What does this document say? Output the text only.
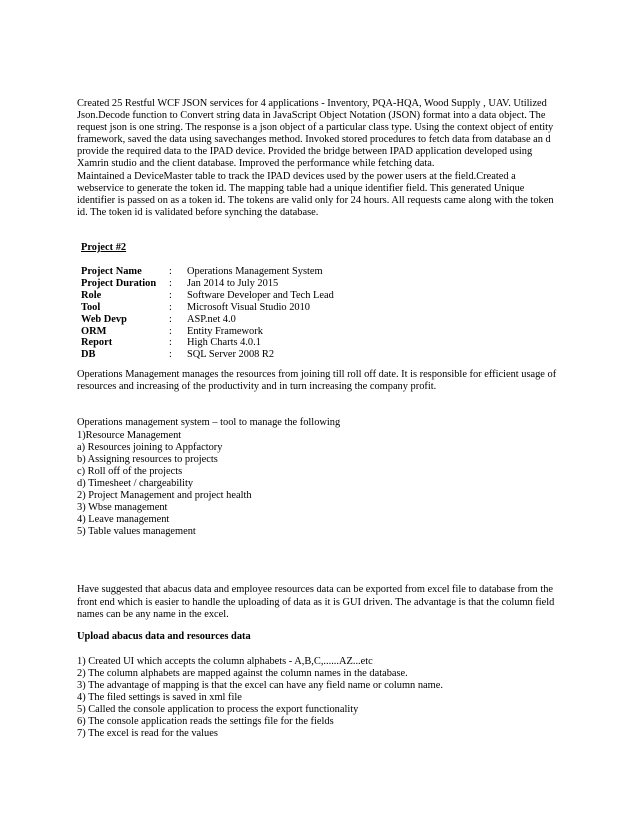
Created 25 Restful WCF JSON services for 4 applications - Inventory, PQA-HQA, Wood Supply , UAV. Utilized
Json.Decode function to Convert string data in JavaScript Object Notation (JSON) format into a data object. The
request json is one string. The response is a json object of a particular class type. Using the context object of entity
framework, saved the data using savechanges method. Invoked stored procedures to fetch data from database an d
provide the required data to the IPAD device. Provided the bridge between IPAD application developed using
Xamrin studio and the client database. Improved the performance while fetching data.
Maintained a DeviceMaster table to track the IPAD devices used by the power users at the field.Created a
webservice to generate the token id. The mapping table had a unique identifier field. This generated Unique
identifier is passed on as a token id. The tokens are valid only for 24 hours. All requests came along with the token
id. The token id is validated before synching the database.

Project #2

Project Name	:	Operations Management System
Project Duration	:	Jan 2014 to July 2015
Role	:	Software Developer and Tech Lead
Tool	:	Microsoft Visual Studio 2010
Web Devp	:	ASP.net 4.0
ORM	:	Entity Framework
Report	:	High Charts 4.0.1
DB	:	SQL Server 2008 R2
Operations Management manages the resources from joining till roll off date. It is responsible for efficient usage of
resources and increasing of the productivity and in turn increasing the company profit.
Operations management system – tool to manage the following
1)Resource Management
a) Resources joining to Appfactory
b) Assigning resources to projects
c) Roll off of the projects
d) Timesheet / chargeability
2) Project Management and project health
3) Wbse management
4) Leave management
5) Table values management
Have suggested that abacus data and employee resources data can be exported from excel file to database from the
front end which is easier to handle the uploading of data as it is GUI driven. The advantage is that the column field
names can be any name in the excel.

Upload abacus data and resources data

1) Created UI which accepts the column alphabets - A,B,C,......AZ...etc
2) The column alphabets are mapped against the column names in the database.
3) The advantage of mapping is that the excel can have any field name or column name.
4) The filed settings is saved in xml file
5) Called the console application to process the export functionality
6) The console application reads the settings file for the fields
7) The excel is read for the values
